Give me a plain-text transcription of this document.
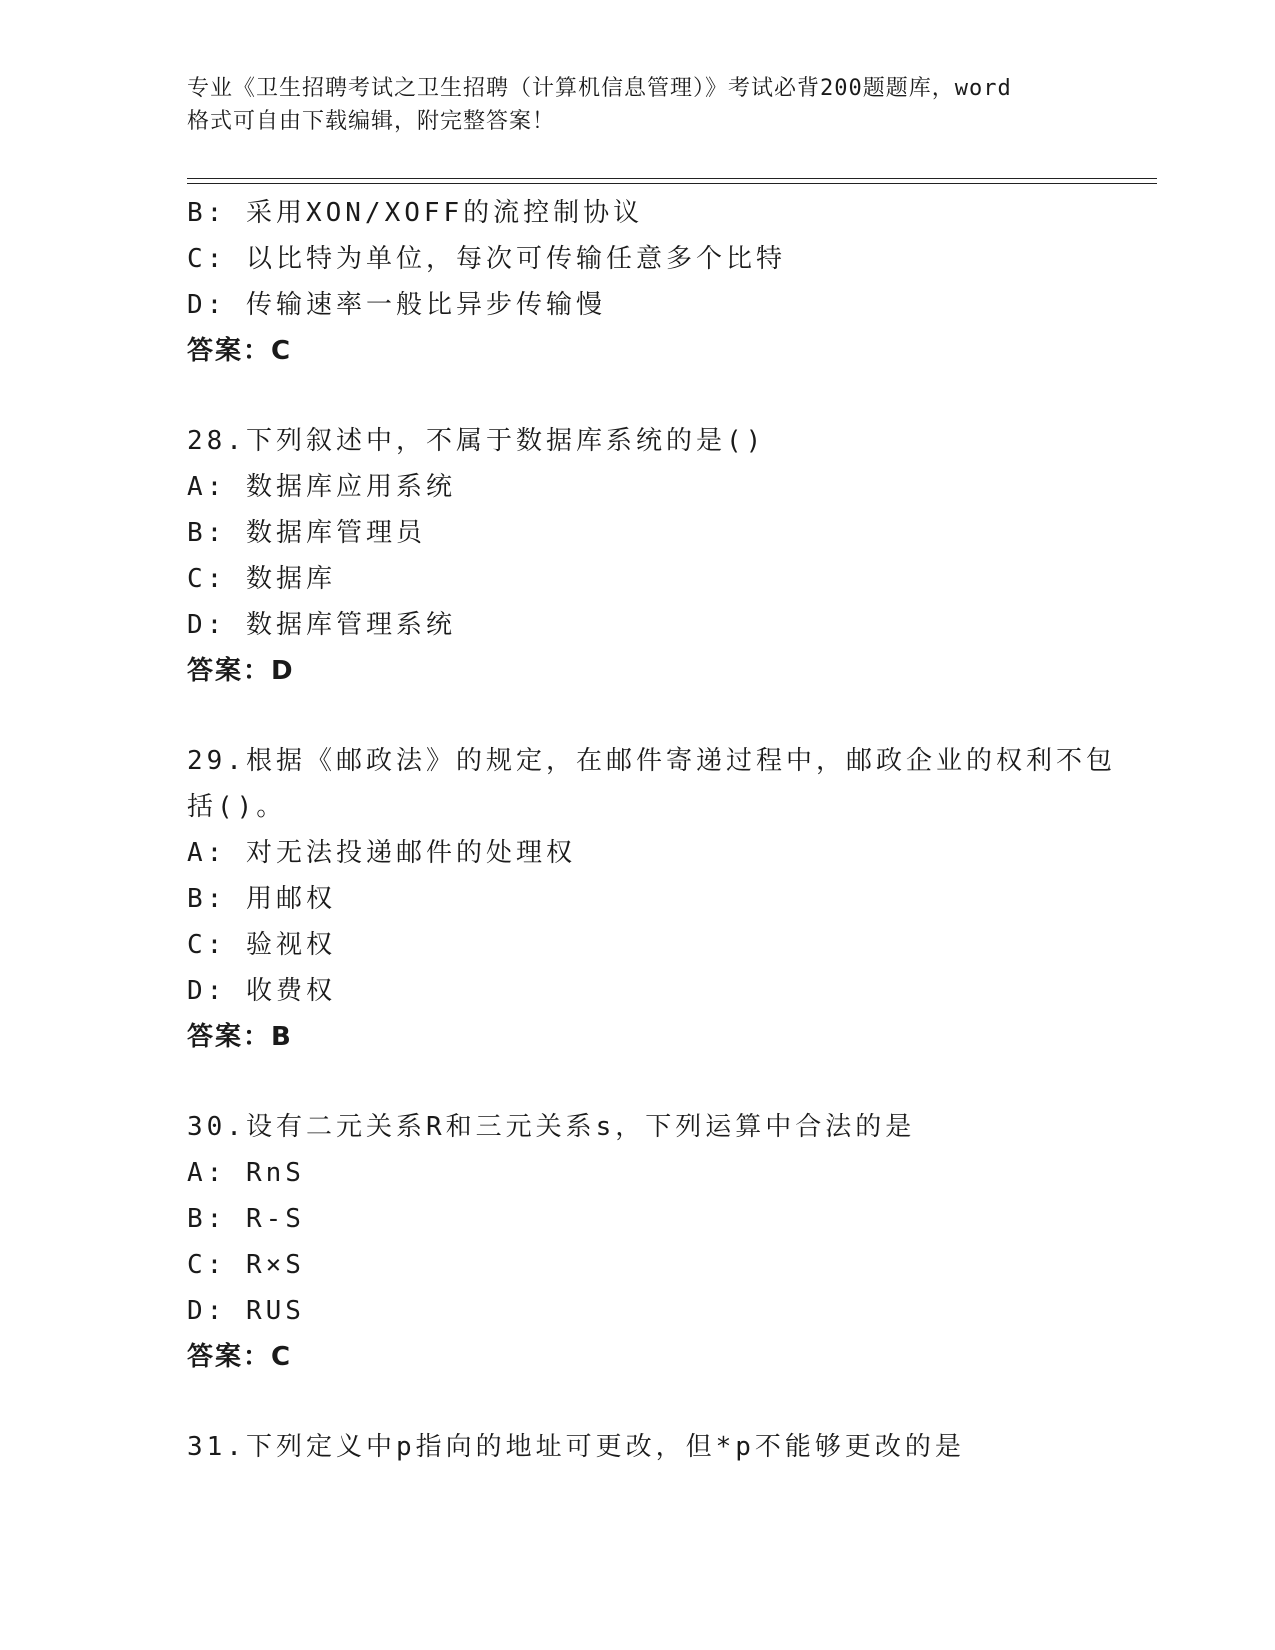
专业《卫生招聘考试之卫生招聘（计算机信息管理）》考试必背200题题库，word
格式可自由下载编辑，附完整答案！
B: 采用XON/XOFF的流控制协议
C: 以比特为单位，每次可传输任意多个比特
D: 传输速率一般比异步传输慢
答案：C
28.下列叙述中，不属于数据库系统的是()
A: 数据库应用系统
B: 数据库管理员
C: 数据库
D: 数据库管理系统
答案：D
29.根据《邮政法》的规定，在邮件寄递过程中，邮政企业的权利不包
括()。
A: 对无法投递邮件的处理权
B: 用邮权
C: 验视权
D: 收费权
答案：B
30.设有二元关系R和三元关系s，下列运算中合法的是
A: RnS
B: R-S
C: R×S
D: RUS
答案：C
31.下列定义中p指向的地址可更改，但*p不能够更改的是
